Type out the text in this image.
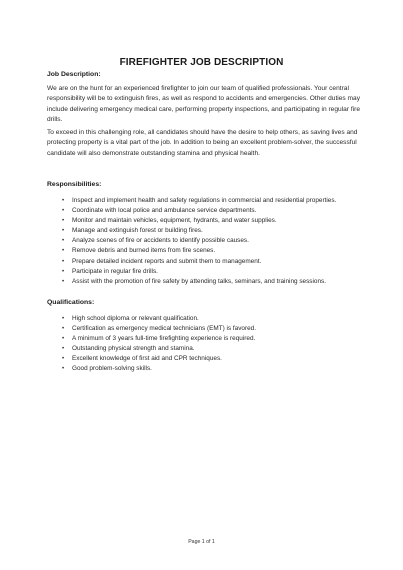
FIREFIGHTER JOB DESCRIPTION
Job Description:
We are on the hunt for an experienced firefighter to join our team of qualified professionals. Your central responsibility will be to extinguish fires, as well as respond to accidents and emergencies. Other duties may include delivering emergency medical care, performing property inspections, and participating in regular fire drills.
To exceed in this challenging role, all candidates should have the desire to help others, as saving lives and protecting property is a vital part of the job. In addition to being an excellent problem-solver, the successful candidate will also demonstrate outstanding stamina and physical health.
Responsibilities:
• Inspect and implement health and safety regulations in commercial and residential properties.
• Coordinate with local police and ambulance service departments.
• Monitor and maintain vehicles, equipment, hydrants, and water supplies.
• Manage and extinguish forest or building fires.
• Analyze scenes of fire or accidents to identify possible causes.
• Remove debris and burned items from fire scenes.
• Prepare detailed incident reports and submit them to management.
• Participate in regular fire drills.
• Assist with the promotion of fire safety by attending talks, seminars, and training sessions.
Qualifications:
• High school diploma or relevant qualification.
• Certification as emergency medical technicians (EMT) is favored.
• A minimum of 3 years full-time firefighting experience is required.
• Outstanding physical strength and stamina.
• Excellent knowledge of first aid and CPR techniques.
• Good problem-solving skills.
Page 1 of 1
